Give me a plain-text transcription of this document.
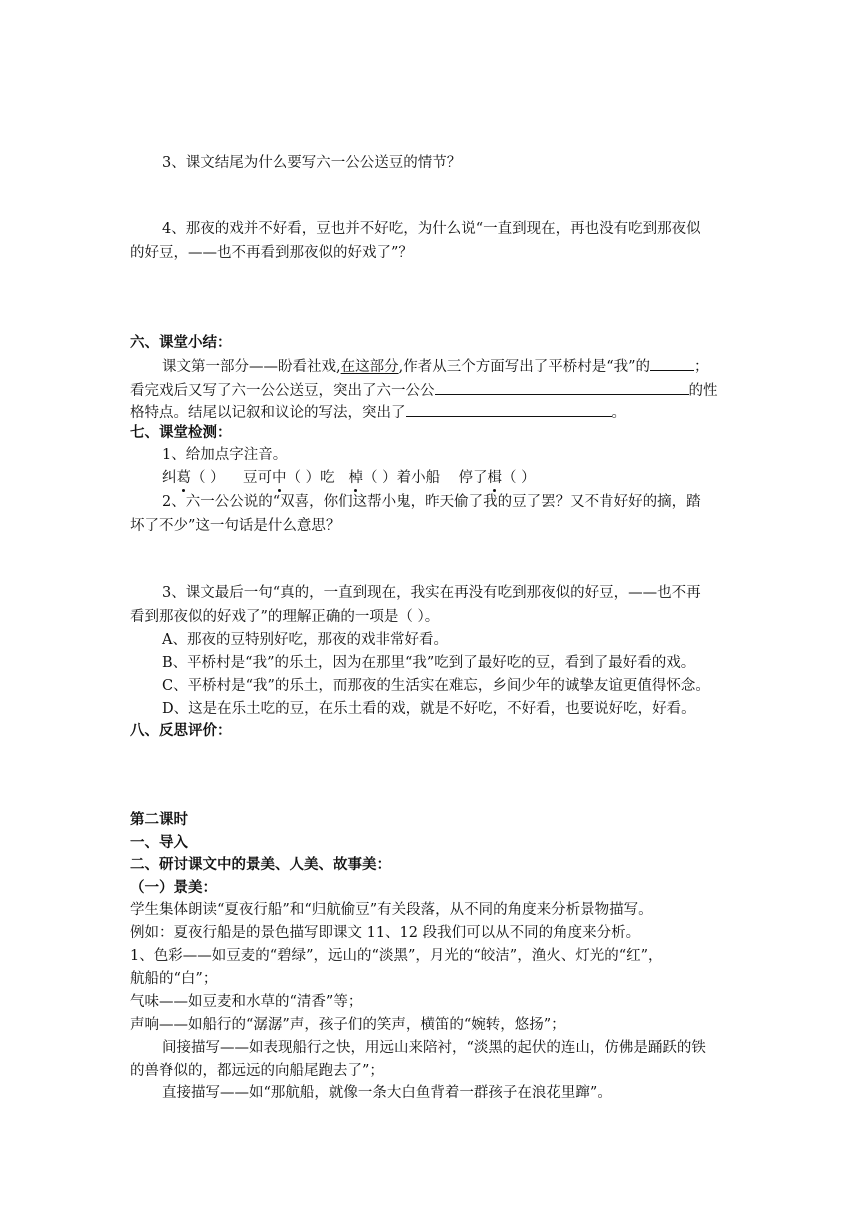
3、课文结尾为什么要写六一公公送豆的情节？
4、那夜的戏并不好看，豆也并不好吃，为什么说“一直到现在，再也没有吃到那夜似
的好豆，——也不再看到那夜似的好戏了”？
六、课堂小结：
课文第一部分——盼看社戏,在这部分,作者从三个方面写出了平桥村是“我”的	；
看完戏后又写了六一公公送豆，突出了六一公公	的性
格特点。结尾以记叙和议论的写法，突出了	。
七、课堂检测：
1、给加点字注音。
纠葛（ ） 豆可中（ ）吃 棹（ ）着小船 停了楫（ ）
2、六一公公说的“双喜，你们这帮小鬼，昨天偷了我的豆了罢？又不肯好好的摘，踏
坏了不少”这一句话是什么意思？
3、课文最后一句“真的，一直到现在，我实在再没有吃到那夜似的好豆，——也不再
看到那夜似的好戏了”的理解正确的一项是（ ）。
A、那夜的豆特别好吃，那夜的戏非常好看。
B、平桥村是“我”的乐土，因为在那里“我”吃到了最好吃的豆，看到了最好看的戏。
C、平桥村是“我”的乐土，而那夜的生活实在难忘，乡间少年的诚挚友谊更值得怀念。
D、这是在乐土吃的豆，在乐土看的戏，就是不好吃，不好看，也要说好吃，好看。
八、反思评价：
第二课时
一、导入
二、研讨课文中的景美、人美、故事美：
（一）景美：
学生集体朗读“夏夜行船”和“归航偷豆”有关段落，从不同的角度来分析景物描写。
例如：夏夜行船是的景色描写即课文 11、12 段我们可以从不同的角度来分析。
1、色彩——如豆麦的“碧绿”，远山的“淡黑”，月光的“皎洁”，渔火、灯光的“红”，
航船的“白”；
气味——如豆麦和水草的“清香”等；
声响——如船行的“潺潺”声，孩子们的笑声，横笛的“婉转，悠扬”；
间接描写——如表现船行之快，用远山来陪衬，“淡黑的起伏的连山，仿佛是踊跃的铁
的兽脊似的，都远远的向船尾跑去了”；
直接描写——如“那航船，就像一条大白鱼背着一群孩子在浪花里蹿”。
